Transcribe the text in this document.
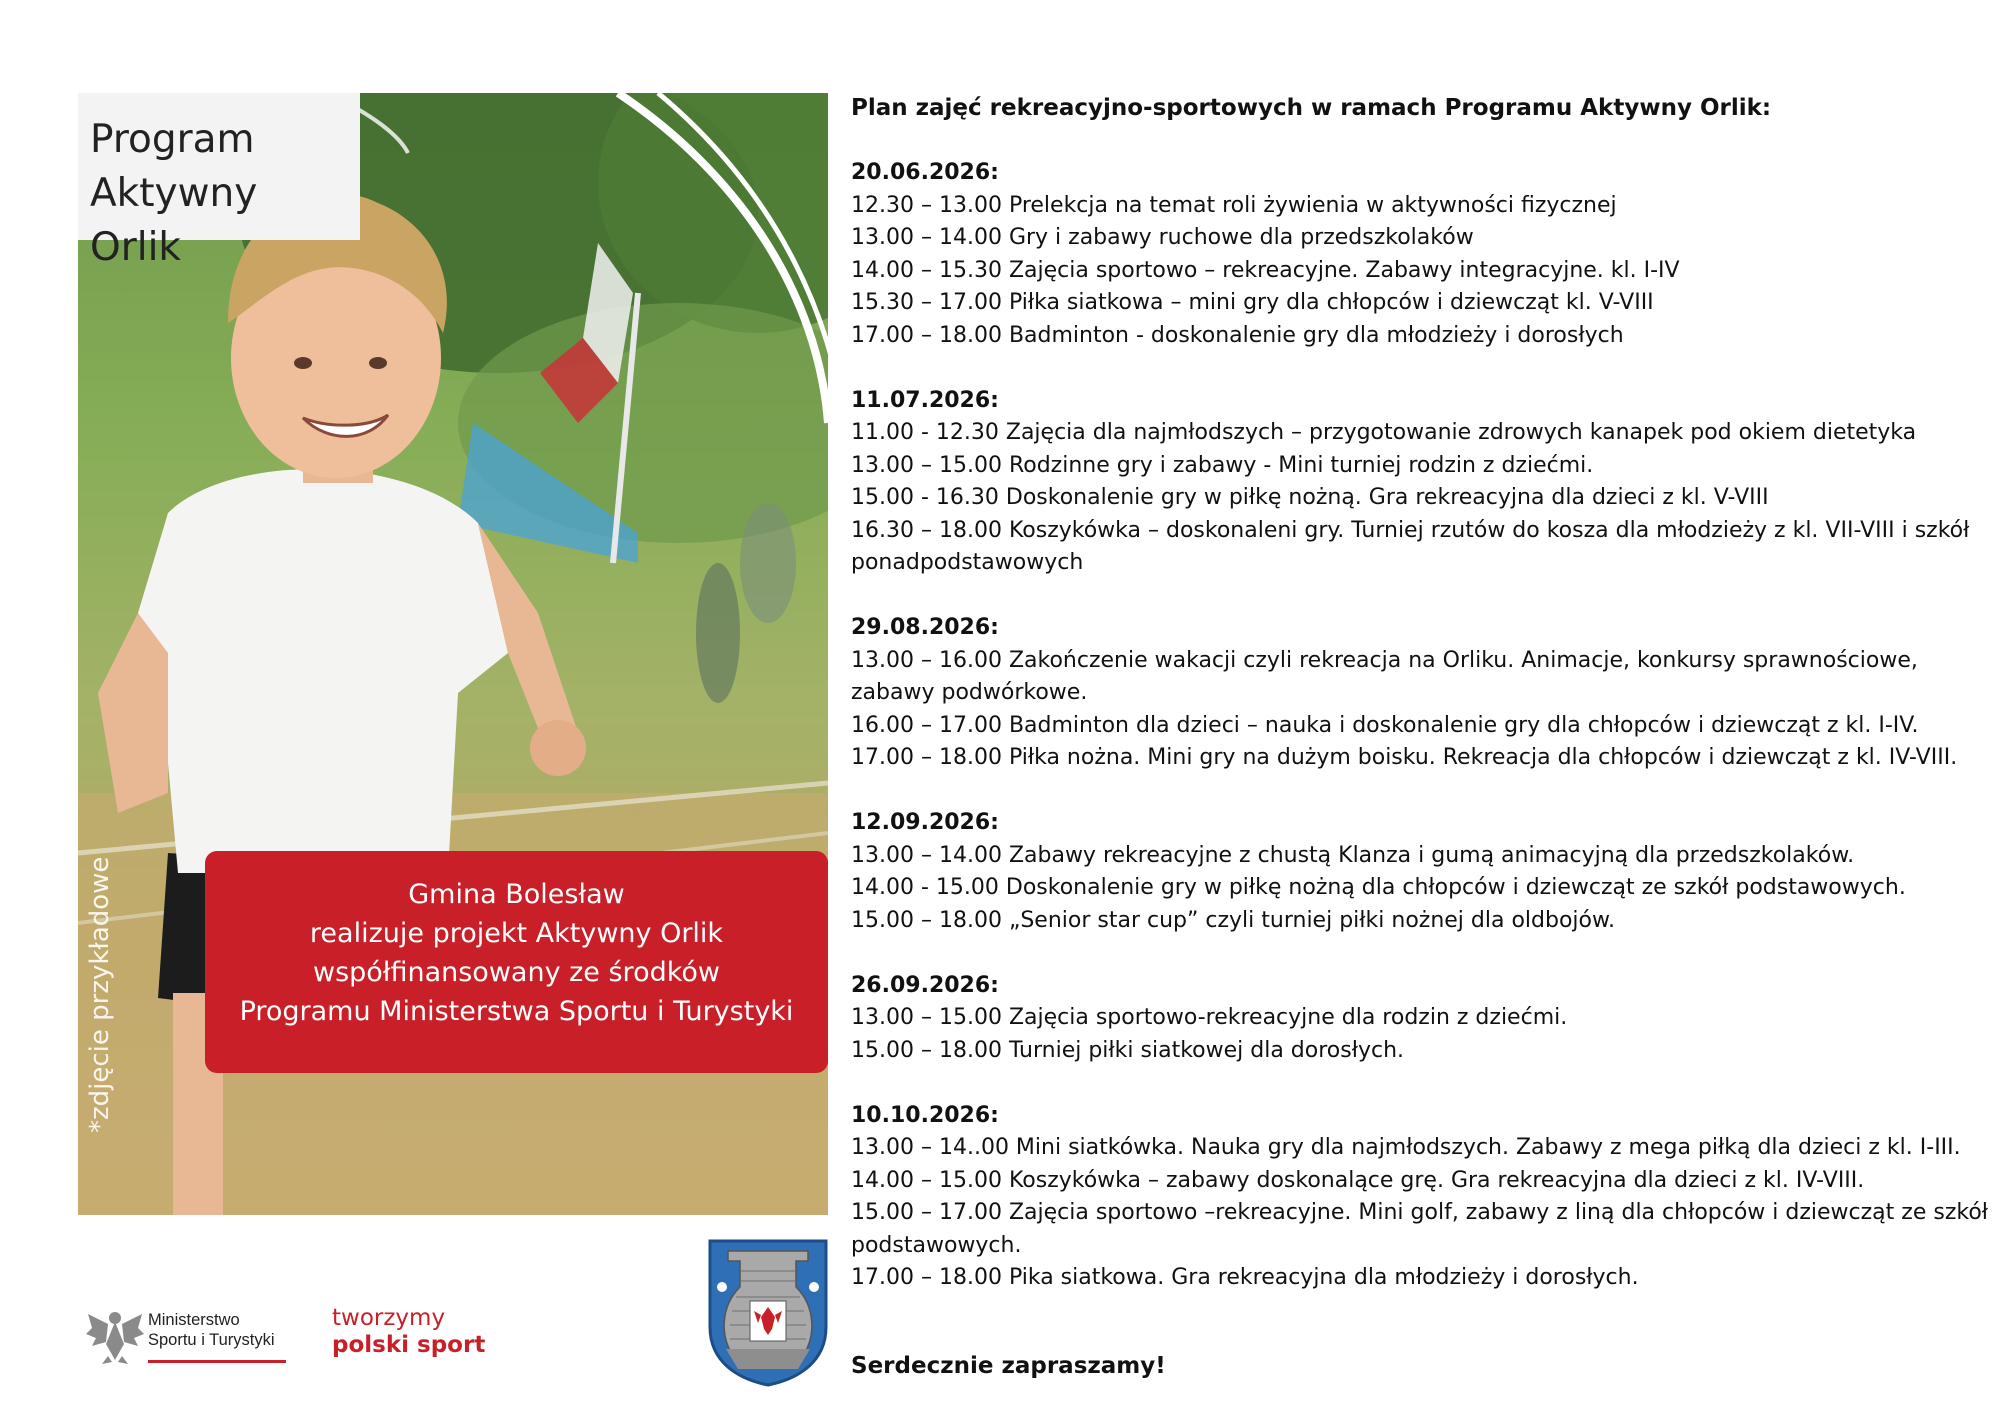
Program
Aktywny Orlik
Gmina Bolesław
realizuje projekt Aktywny Orlik
współfinansowany ze środków
Programu Ministerstwa Sportu i Turystyki
*zdjęcie przykładowe
Plan zajęć rekreacyjno-sportowych w ramach Programu Aktywny Orlik:
20.06.2026:
12.30 – 13.00 Prelekcja na temat roli żywienia w aktywności fizycznej
13.00 – 14.00 Gry i zabawy ruchowe dla przedszkolaków
14.00 – 15.30 Zajęcia sportowo – rekreacyjne. Zabawy integracyjne. kl. I-IV
15.30 – 17.00 Piłka siatkowa – mini gry dla chłopców i dziewcząt kl. V-VIII
17.00 – 18.00 Badminton - doskonalenie gry dla młodzieży i dorosłych
11.07.2026:
11.00 - 12.30 Zajęcia dla najmłodszych – przygotowanie zdrowych kanapek pod okiem dietetyka
13.00 – 15.00 Rodzinne gry i zabawy - Mini turniej rodzin z dziećmi.
15.00 - 16.30 Doskonalenie gry w piłkę nożną. Gra rekreacyjna dla dzieci z kl. V-VIII
16.30 – 18.00 Koszykówka – doskonaleni gry. Turniej rzutów do kosza dla młodzieży z kl. VII-VIII i szkół ponadpodstawowych
29.08.2026:
13.00 – 16.00 Zakończenie wakacji czyli rekreacja na Orliku. Animacje, konkursy sprawnościowe, zabawy podwórkowe.
16.00 – 17.00 Badminton dla dzieci – nauka i doskonalenie gry dla chłopców i dziewcząt z kl. I-IV.
17.00 – 18.00 Piłka nożna. Mini gry na dużym boisku. Rekreacja dla chłopców i dziewcząt z kl. IV-VIII.
12.09.2026:
13.00 – 14.00 Zabawy rekreacyjne z chustą Klanza i gumą animacyjną dla przedszkolaków.
14.00 - 15.00 Doskonalenie gry w piłkę nożną dla chłopców i dziewcząt ze szkół podstawowych.
15.00 – 18.00 „Senior star cup” czyli turniej piłki nożnej dla oldbojów.
26.09.2026:
13.00 – 15.00 Zajęcia sportowo-rekreacyjne dla rodzin z dziećmi.
15.00 – 18.00 Turniej piłki siatkowej dla dorosłych.
10.10.2026:
13.00 – 14..00 Mini siatkówka. Nauka gry dla najmłodszych. Zabawy z mega piłką dla dzieci z kl. I-III.
14.00 – 15.00 Koszykówka – zabawy doskonalące grę. Gra rekreacyjna dla dzieci z kl. IV-VIII.
15.00 – 17.00 Zajęcia sportowo –rekreacyjne. Mini golf, zabawy z liną dla chłopców i dziewcząt ze szkół podstawowych.
17.00 – 18.00 Pika siatkowa. Gra rekreacyjna dla młodzieży i dorosłych.
Serdecznie zapraszamy!
Ministerstwo
Sportu i Turystyki
tworzymy
polski sport
